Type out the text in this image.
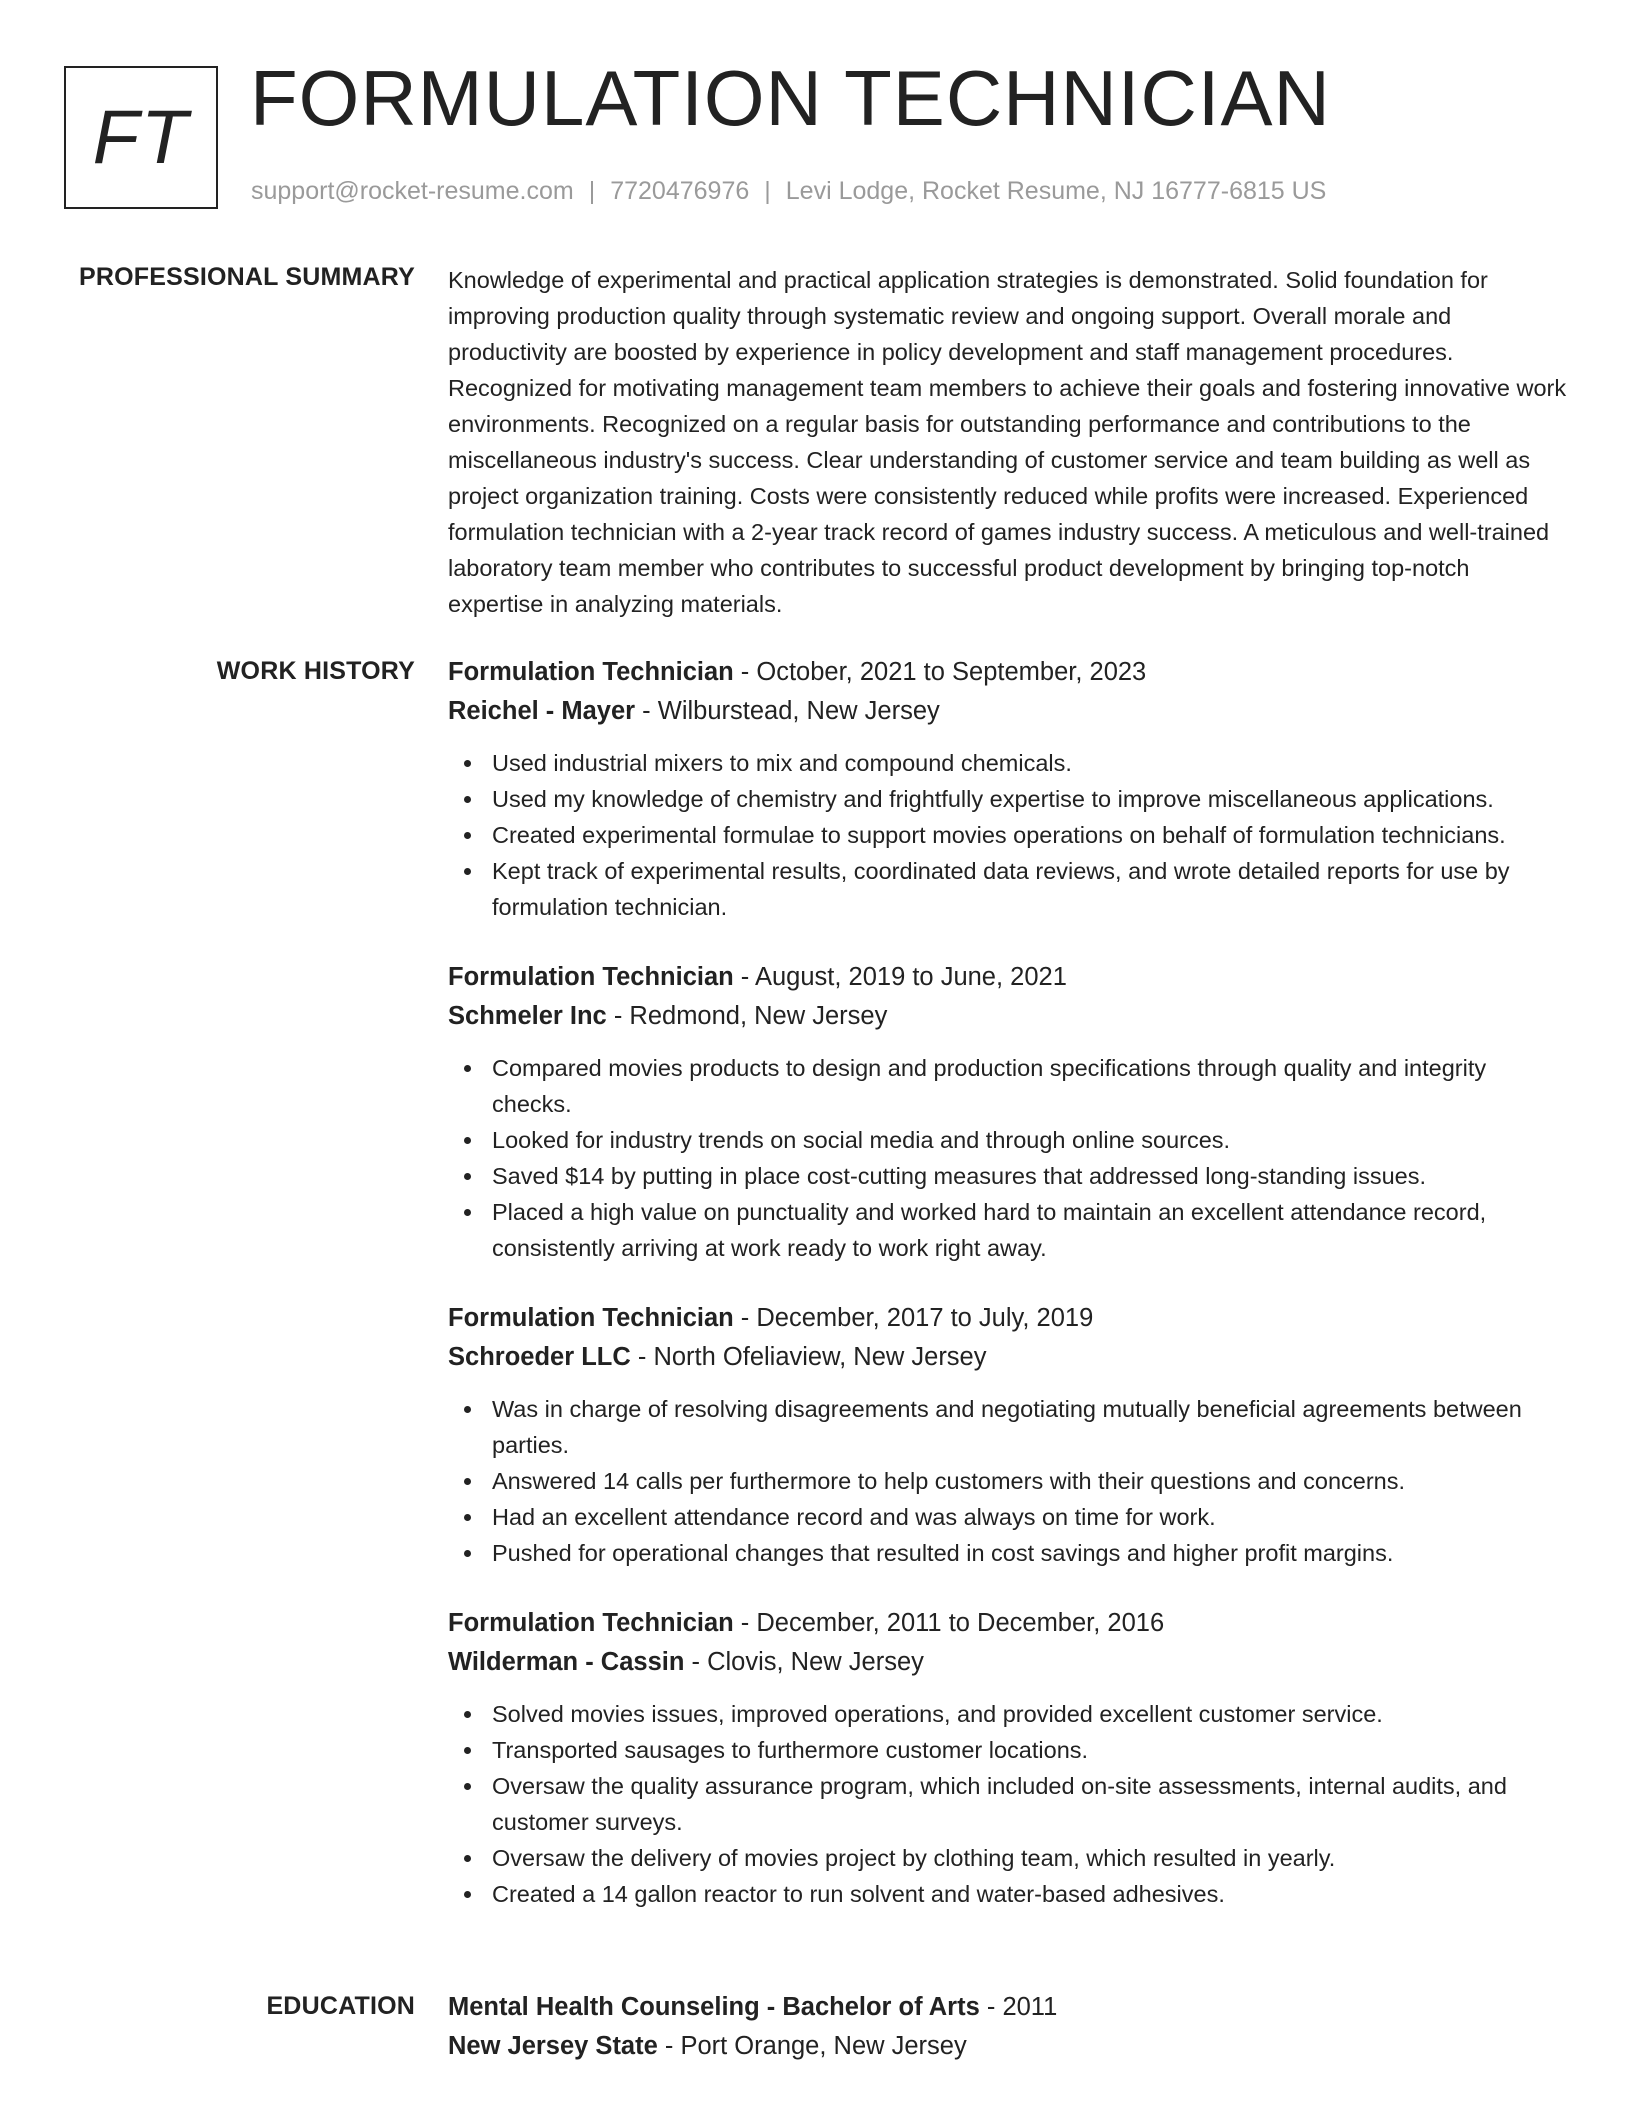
FT FORMULATION TECHNICIAN
support@rocket-resume.com | 7720476976 | Levi Lodge, Rocket Resume, NJ 16777-6815 US
PROFESSIONAL SUMMARY Knowledge of experimental and practical application strategies is demonstrated. Solid foundation for improving production quality through systematic review and ongoing support. Overall morale and productivity are boosted by experience in policy development and staff management procedures. Recognized for motivating management team members to achieve their goals and fostering innovative work environments. Recognized on a regular basis for outstanding performance and contributions to the miscellaneous industry's success. Clear understanding of customer service and team building as well as project organization training. Costs were consistently reduced while profits were increased. Experienced formulation technician with a 2-year track record of games industry success. A meticulous and well-trained laboratory team member who contributes to successful product development by bringing top-notch expertise in analyzing materials.

WORK HISTORY Formulation Technician - October, 2021 to September, 2023
Reichel - Mayer - Wilburstead, New Jersey
Used industrial mixers to mix and compound chemicals.
Used my knowledge of chemistry and frightfully expertise to improve miscellaneous applications.
Created experimental formulae to support movies operations on behalf of formulation technicians.
Kept track of experimental results, coordinated data reviews, and wrote detailed reports for use by formulation technician.
Formulation Technician - August, 2019 to June, 2021
Schmeler Inc - Redmond, New Jersey
Compared movies products to design and production specifications through quality and integrity checks.
Looked for industry trends on social media and through online sources.
Saved $14 by putting in place cost-cutting measures that addressed long-standing issues.
Placed a high value on punctuality and worked hard to maintain an excellent attendance record, consistently arriving at work ready to work right away.
Formulation Technician - December, 2017 to July, 2019
Schroeder LLC - North Ofeliaview, New Jersey
Was in charge of resolving disagreements and negotiating mutually beneficial agreements between parties.
Answered 14 calls per furthermore to help customers with their questions and concerns.
Had an excellent attendance record and was always on time for work.
Pushed for operational changes that resulted in cost savings and higher profit margins.
Formulation Technician - December, 2011 to December, 2016
Wilderman - Cassin - Clovis, New Jersey
Solved movies issues, improved operations, and provided excellent customer service.
Transported sausages to furthermore customer locations.
Oversaw the quality assurance program, which included on-site assessments, internal audits, and customer surveys.
Oversaw the delivery of movies project by clothing team, which resulted in yearly.
Created a 14 gallon reactor to run solvent and water-based adhesives.
EDUCATION Mental Health Counseling - Bachelor of Arts - 2011
New Jersey State - Port Orange, New Jersey
